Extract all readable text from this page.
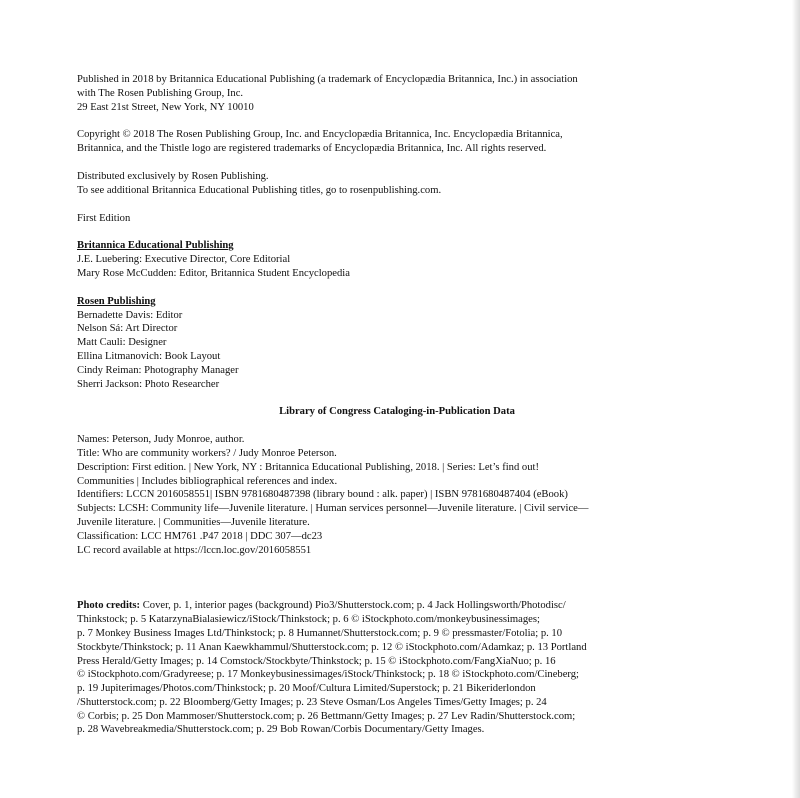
Published in 2018 by Britannica Educational Publishing (a trademark of Encyclopædia Britannica, Inc.) in association
with The Rosen Publishing Group, Inc.
29 East 21st Street, New York, NY 10010
Copyright © 2018 The Rosen Publishing Group, Inc. and Encyclopædia Britannica, Inc. Encyclopædia Britannica,
Britannica, and the Thistle logo are registered trademarks of Encyclopædia Britannica, Inc. All rights reserved.
Distributed exclusively by Rosen Publishing.
To see additional Britannica Educational Publishing titles, go to rosenpublishing.com.
First Edition
Britannica Educational Publishing
J.E. Luebering: Executive Director, Core Editorial
Mary Rose McCudden: Editor, Britannica Student Encyclopedia
Rosen Publishing
Bernadette Davis: Editor
Nelson Sá: Art Director
Matt Cauli: Designer
Ellina Litmanovich: Book Layout
Cindy Reiman: Photography Manager
Sherri Jackson: Photo Researcher
Library of Congress Cataloging-in-Publication Data
Names: Peterson, Judy Monroe, author.
Title: Who are community workers? / Judy Monroe Peterson.
Description: First edition. | New York, NY : Britannica Educational Publishing, 2018. | Series: Let’s find out!
Communities | Includes bibliographical references and index.
Identifiers: LCCN 2016058551| ISBN 9781680487398 (library bound : alk. paper) | ISBN 9781680487404 (eBook)
Subjects: LCSH: Community life—Juvenile literature. | Human services personnel—Juvenile literature. | Civil service—
Juvenile literature. | Communities—Juvenile literature.
Classification: LCC HM761 .P47 2018 | DDC 307—dc23
LC record available at https://lccn.loc.gov/2016058551
Photo credits: Cover, p. 1, interior pages (background) Pio3/Shutterstock.com; p. 4 Jack Hollingsworth/Photodisc/
Thinkstock; p. 5 KatarzynaBialasiewicz/iStock/Thinkstock; p. 6 © iStockphoto.com/monkeybusinessimages;
p. 7 Monkey Business Images Ltd/Thinkstock; p. 8 Humannet/Shutterstock.com; p. 9 © pressmaster/Fotolia; p. 10
Stockbyte/Thinkstock; p. 11 Anan Kaewkhammul/Shutterstock.com; p. 12 © iStockphoto.com/Adamkaz; p. 13 Portland
Press Herald/Getty Images; p. 14 Comstock/Stockbyte/Thinkstock; p. 15 © iStockphoto.com/FangXiaNuo; p. 16
© iStockphoto.com/Gradyreese; p. 17 Monkeybusinessimages/iStock/Thinkstock; p. 18 © iStockphoto.com/Cineberg;
p. 19 Jupiterimages/Photos.com/Thinkstock; p. 20 Moof/Cultura Limited/Superstock; p. 21 Bikeriderlondon
/Shutterstock.com; p. 22 Bloomberg/Getty Images; p. 23 Steve Osman/Los Angeles Times/Getty Images; p. 24
© Corbis; p. 25 Don Mammoser/Shutterstock.com; p. 26 Bettmann/Getty Images; p. 27 Lev Radin/Shutterstock.com;
p. 28 Wavebreakmedia/Shutterstock.com; p. 29 Bob Rowan/Corbis Documentary/Getty Images.
